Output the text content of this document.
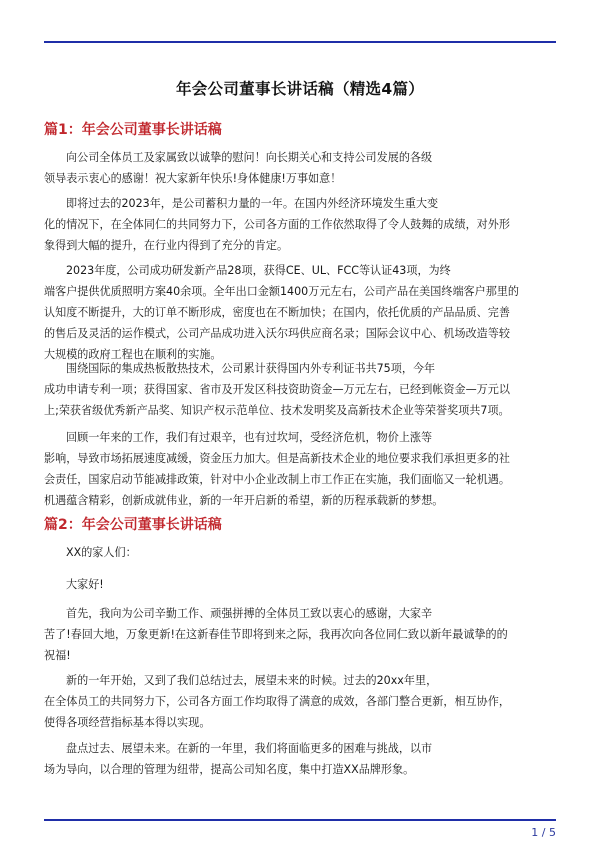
年会公司董事长讲话稿（精选4篇）
篇1：年会公司董事长讲话稿

向公司全体员工及家属致以诚挚的慰问！向长期关心和支持公司发展的各级
领导表示衷心的感谢！祝大家新年快乐!身体健康!万事如意！

即将过去的2023年，是公司蓄积力量的一年。在国内外经济环境发生重大变
化的情况下，在全体同仁的共同努力下，公司各方面的工作依然取得了令人鼓舞的成绩，对外形
象得到大幅的提升，在行业内得到了充分的肯定。

2023年度，公司成功研发新产品28项，获得CE、UL、FCC等认证43项，为终
端客户提供优质照明方案40余项。全年出口金额1400万元左右，公司产品在美国终端客户那里的
认知度不断提升，大的订单不断形成，密度也在不断加快；在国内，依托优质的产品品质、完善
的售后及灵活的运作模式，公司产品成功进入沃尔玛供应商名录；国际会议中心、机场改造等较
大规模的政府工程也在顺利的实施。

围绕国际的集成热板散热技术，公司累计获得国内外专利证书共75项，今年
成功申请专利一项；获得国家、省市及开发区科技资助资金—万元左右，已经到帐资金—万元以
上;荣获省级优秀新产品奖、知识产权示范单位、技术发明奖及高新技术企业等荣誉奖项共7项。

回顾一年来的工作，我们有过艰辛，也有过坎坷，受经济危机，物价上涨等
影响，导致市场拓展速度减缓，资金压力加大。但是高新技术企业的地位要求我们承担更多的社
会责任，国家启动节能减排政策，针对中小企业改制上市工作正在实施，我们面临又一轮机遇。
机遇蕴含精彩，创新成就伟业，新的一年开启新的希望，新的历程承载新的梦想。

篇2：年会公司董事长讲话稿

XX的家人们：

大家好!

首先，我向为公司辛勤工作、顽强拼搏的全体员工致以衷心的感谢，大家辛
苦了!春回大地，万象更新!在这新春佳节即将到来之际，我再次向各位同仁致以新年最诚挚的的
祝福!

新的一年开始，又到了我们总结过去，展望未来的时候。过去的20xx年里，
在全体员工的共同努力下，公司各方面工作均取得了满意的成效，各部门整合更新，相互协作，
使得各项经营指标基本得以实现。

盘点过去、展望未来。在新的一年里，我们将面临更多的困难与挑战，以市
场为导向，以合理的管理为纽带，提高公司知名度，集中打造XX品牌形象。

1 / 5
